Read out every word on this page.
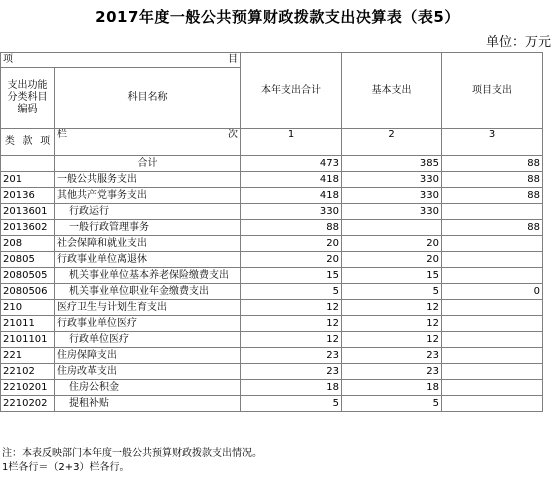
2017年度一般公共预算财政拨款支出决算表（表5）
单位：万元
项 目		本年支出合计	基本支出	项目支出
支出功能分类科目编码	科目名称			

类 款 项	栏 次	1	2	3
	合计	473	385	88
201	一般公共服务支出	418	330	88
20136	其他共产党事务支出	418	330	88
2013601	行政运行	330	330	
2013602	一般行政管理事务	88		88
208	社会保障和就业支出	20	20	
20805	行政事业单位离退休	20	20	
2080505	机关事业单位基本养老保险缴费支出	15	15	
2080506	机关事业单位职业年金缴费支出	5	5	0
210	医疗卫生与计划生育支出	12	12	
21011	行政事业单位医疗	12	12	
2101101	行政单位医疗	12	12	
221	住房保障支出	23	23	
22102	住房改革支出	23	23	
2210201	住房公积金	18	18	
2210202	提租补贴	5	5	
注：本表反映部门本年度一般公共预算财政拨款支出情况。
1栏各行＝（2+3）栏各行。
